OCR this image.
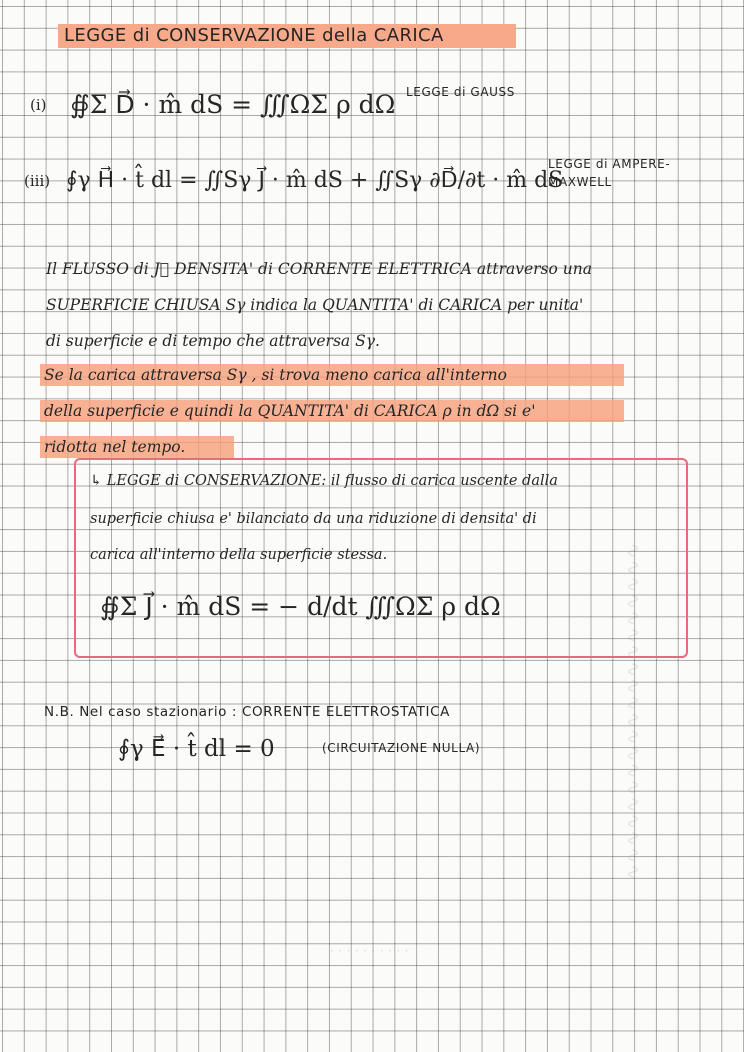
· · · · · · · · · ·
∿∿∿∿∿∿∿∿∿∿∿∿∿∿∿∿∿∿∿∿
LEGGE di CONSERVAZIONE della CARICA
(i) ∯Σ D⃗ · m̂ dS = ∭ΩΣ ρ dΩ LEGGE di GAUSS
(iii) ∮γ H⃗ · t̂ dl = ∬Sγ J⃗ · m̂ dS + ∬Sγ ∂D⃗/∂t · m̂ dS
LEGGE di AMPERE-
MAXWELL
Il FLUSSO di J⃗ DENSITA' di CORRENTE ELETTRICA attraverso una
SUPERFICIE CHIUSA Sγ indica la QUANTITA' di CARICA per unita'
di superficie e di tempo che attraversa Sγ.
Se la carica attraversa Sγ , si trova meno carica all'interno
della superficie e quindi la QUANTITA' di CARICA ρ in dΩ si e'
ridotta nel tempo.
↳ LEGGE di CONSERVAZIONE: il flusso di carica uscente dalla
superficie chiusa e' bilanciato da una riduzione di densita' di
carica all'interno della superficie stessa.
∯Σ J⃗ · m̂ dS = − d/dt ∭ΩΣ ρ dΩ
N.B. Nel caso stazionario : CORRENTE ELETTROSTATICA
∮γ E⃗ · t̂ dl = 0	(CIRCUITAZIONE NULLA)
